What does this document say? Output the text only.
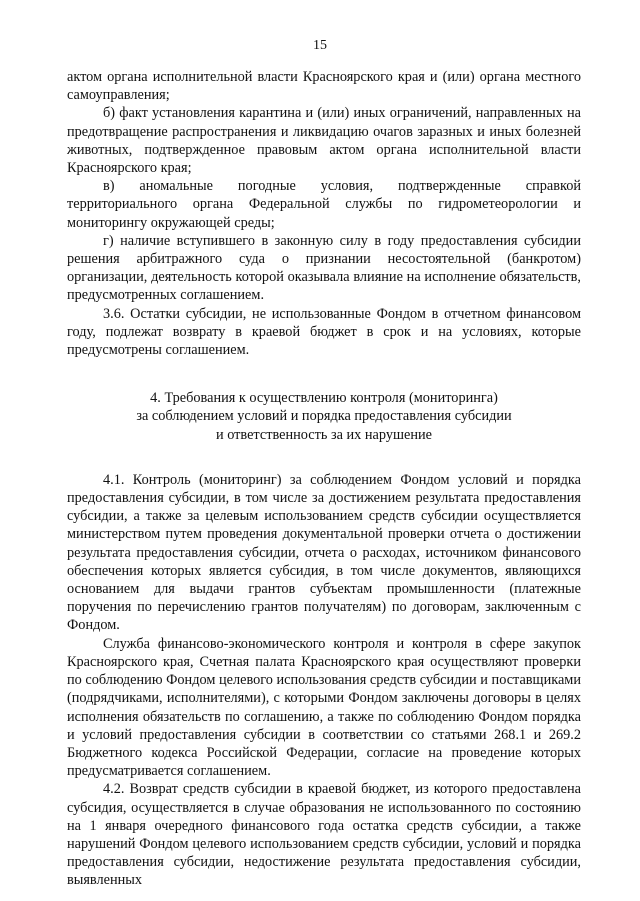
15

актом органа исполнительной власти Красноярского края и (или) органа местного самоуправления;

б) факт установления карантина и (или) иных ограничений, направленных на предотвращение распространения и ликвидацию очагов заразных и иных болезней животных, подтвержденное правовым актом органа исполнительной власти Красноярского края;

в) аномальные погодные условия, подтвержденные справкой территориального органа Федеральной службы по гидрометеорологии и мониторингу окружающей среды;

г) наличие вступившего в законную силу в году предоставления субсидии решения арбитражного суда о признании несостоятельной (банкротом) организации, деятельность которой оказывала влияние на исполнение обязательств, предусмотренных соглашением.

3.6. Остатки субсидии, не использованные Фондом в отчетном финансовом году, подлежат возврату в краевой бюджет в срок и на условиях, которые предусмотрены соглашением.

4. Требования к осуществлению контроля (мониторинга)
за соблюдением условий и порядка предоставления субсидии
и ответственность за их нарушение

4.1. Контроль (мониторинг) за соблюдением Фондом условий и порядка предоставления субсидии, в том числе за достижением результата предоставления субсидии, а также за целевым использованием средств субсидии осуществляется министерством путем проведения документальной проверки отчета о достижении результата предоставления субсидии, отчета о расходах, источником финансового обеспечения которых является субсидия, в том числе документов, являющихся основанием для выдачи грантов субъектам промышленности (платежные поручения по перечислению грантов получателям) по договорам, заключенным с Фондом.

Служба финансово-экономического контроля и контроля в сфере закупок Красноярского края, Счетная палата Красноярского края осуществляют проверки по соблюдению Фондом целевого использования средств субсидии и поставщиками (подрядчиками, исполнителями), с которыми Фондом заключены договоры в целях исполнения обязательств по соглашению, а также по соблюдению Фондом порядка и условий предоставления субсидии в соответствии со статьями 268.1 и 269.2 Бюджетного кодекса Российской Федерации, согласие на проведение которых предусматривается соглашением.

4.2. Возврат средств субсидии в краевой бюджет, из которого предоставлена субсидия, осуществляется в случае образования не использованного по состоянию на 1 января очередного финансового года остатка средств субсидии, а также нарушений Фондом целевого использованием средств субсидии, условий и порядка предоставления субсидии, недостижение результата предоставления субсидии, выявленных
